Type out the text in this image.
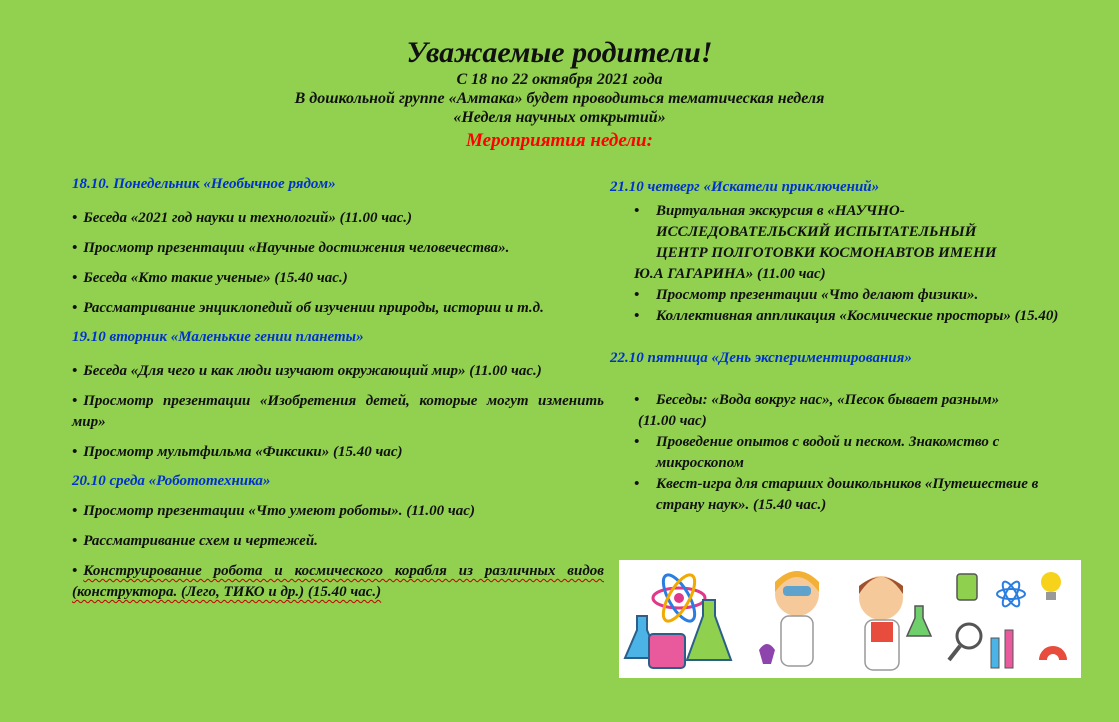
Уважаемые родители!
С 18 по 22 октября 2021 года
В дошкольной группе «Амтака» будет проводиться тематическая неделя
«Неделя научных открытий»
Мероприятия недели:
18.10. Понедельник «Необычное рядом»
• Беседа «2021 год науки и технологий» (11.00 час.)
• Просмотр презентации «Научные достижения человечества».
• Беседа «Кто такие ученые» (15.40 час.)
• Рассматривание энциклопедий об изучении природы, истории и т.д.
19.10 вторник «Маленькие гении планеты»
• Беседа «Для чего и как люди изучают окружающий мир» (11.00 час.)
• Просмотр презентации «Изобретения детей, которые могут изменить мир»
• Просмотр мультфильма «Фиксики» (15.40 час)
20.10 среда «Робототехника»
• Просмотр презентации «Что умеют роботы». (11.00 час)
• Рассматривание схем и чертежей.
• Конструирование робота и космического корабля из различных видов (конструктора. (Лего, ТИКО и др.) (15.40 час.)
21.10 четверг «Искатели приключений»
• Виртуальная экскурсия в «НАУЧНО-
ИССЛЕДОВАТЕЛЬСКИЙ ИСПЫТАТЕЛЬНЫЙ
ЦЕНТР ПОЛГОТОВКИ КОСМОНАВТОВ ИМЕНИ
Ю.А ГАГАРИНА» (11.00 час)
• Просмотр презентации «Что делают физики».
• Коллективная аппликация «Космические просторы» (15.40)
22.10 пятница «День экспериментирования»
• Беседы: «Вода вокруг нас», «Песок бывает разным»
(11.00 час)
• Проведение опытов с водой и песком. Знакомство с микроскопом
• Квест-игра для старших дошкольников «Путешествие в страну наук». (15.40 час.)
